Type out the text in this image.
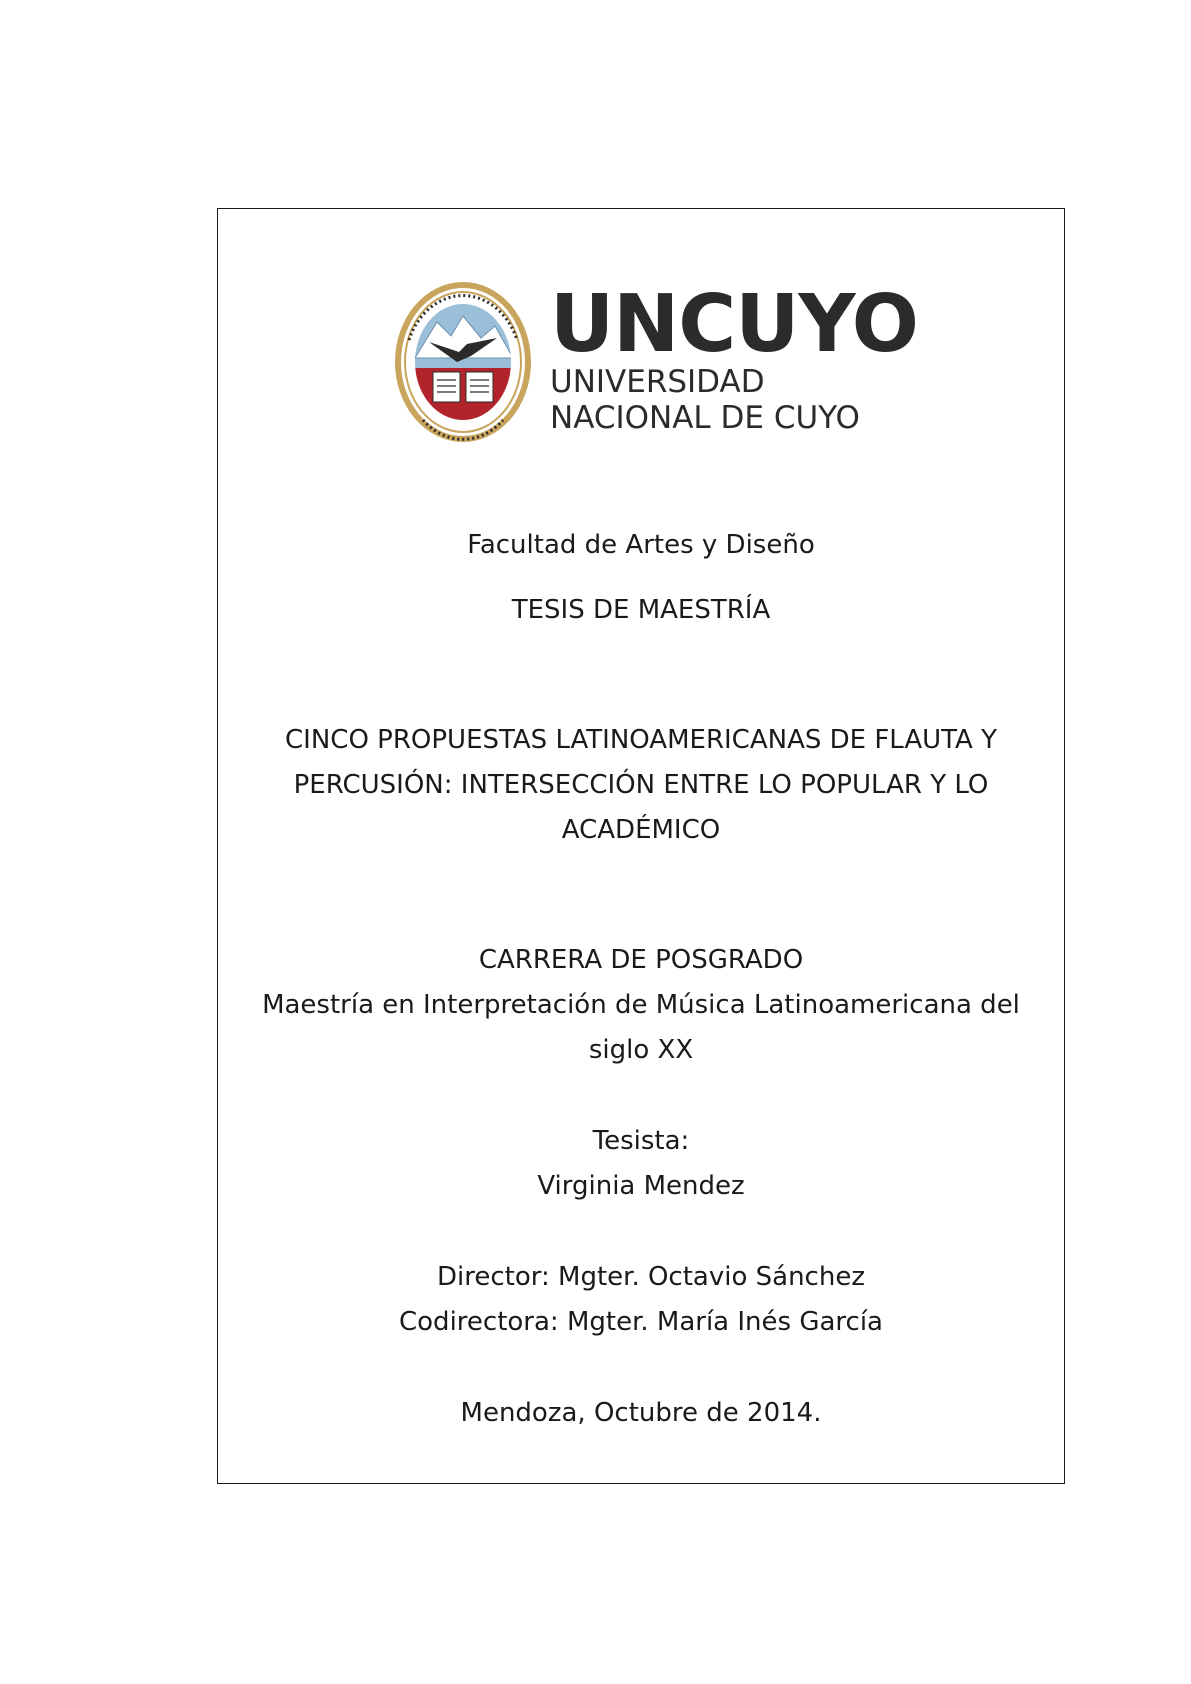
UNCUYO
UNIVERSIDAD
NACIONAL DE CUYO
Facultad de Artes y Diseño
TESIS DE MAESTRÍA
CINCO PROPUESTAS LATINOAMERICANAS DE FLAUTA Y
PERCUSIÓN: INTERSECCIÓN ENTRE LO POPULAR Y LO
ACADÉMICO
CARRERA DE POSGRADO
Maestría en Interpretación de Música Latinoamericana del
siglo XX
Tesista:
Virginia Mendez
Director: Mgter. Octavio Sánchez
Codirectora: Mgter. María Inés García
Mendoza, Octubre de 2014.
